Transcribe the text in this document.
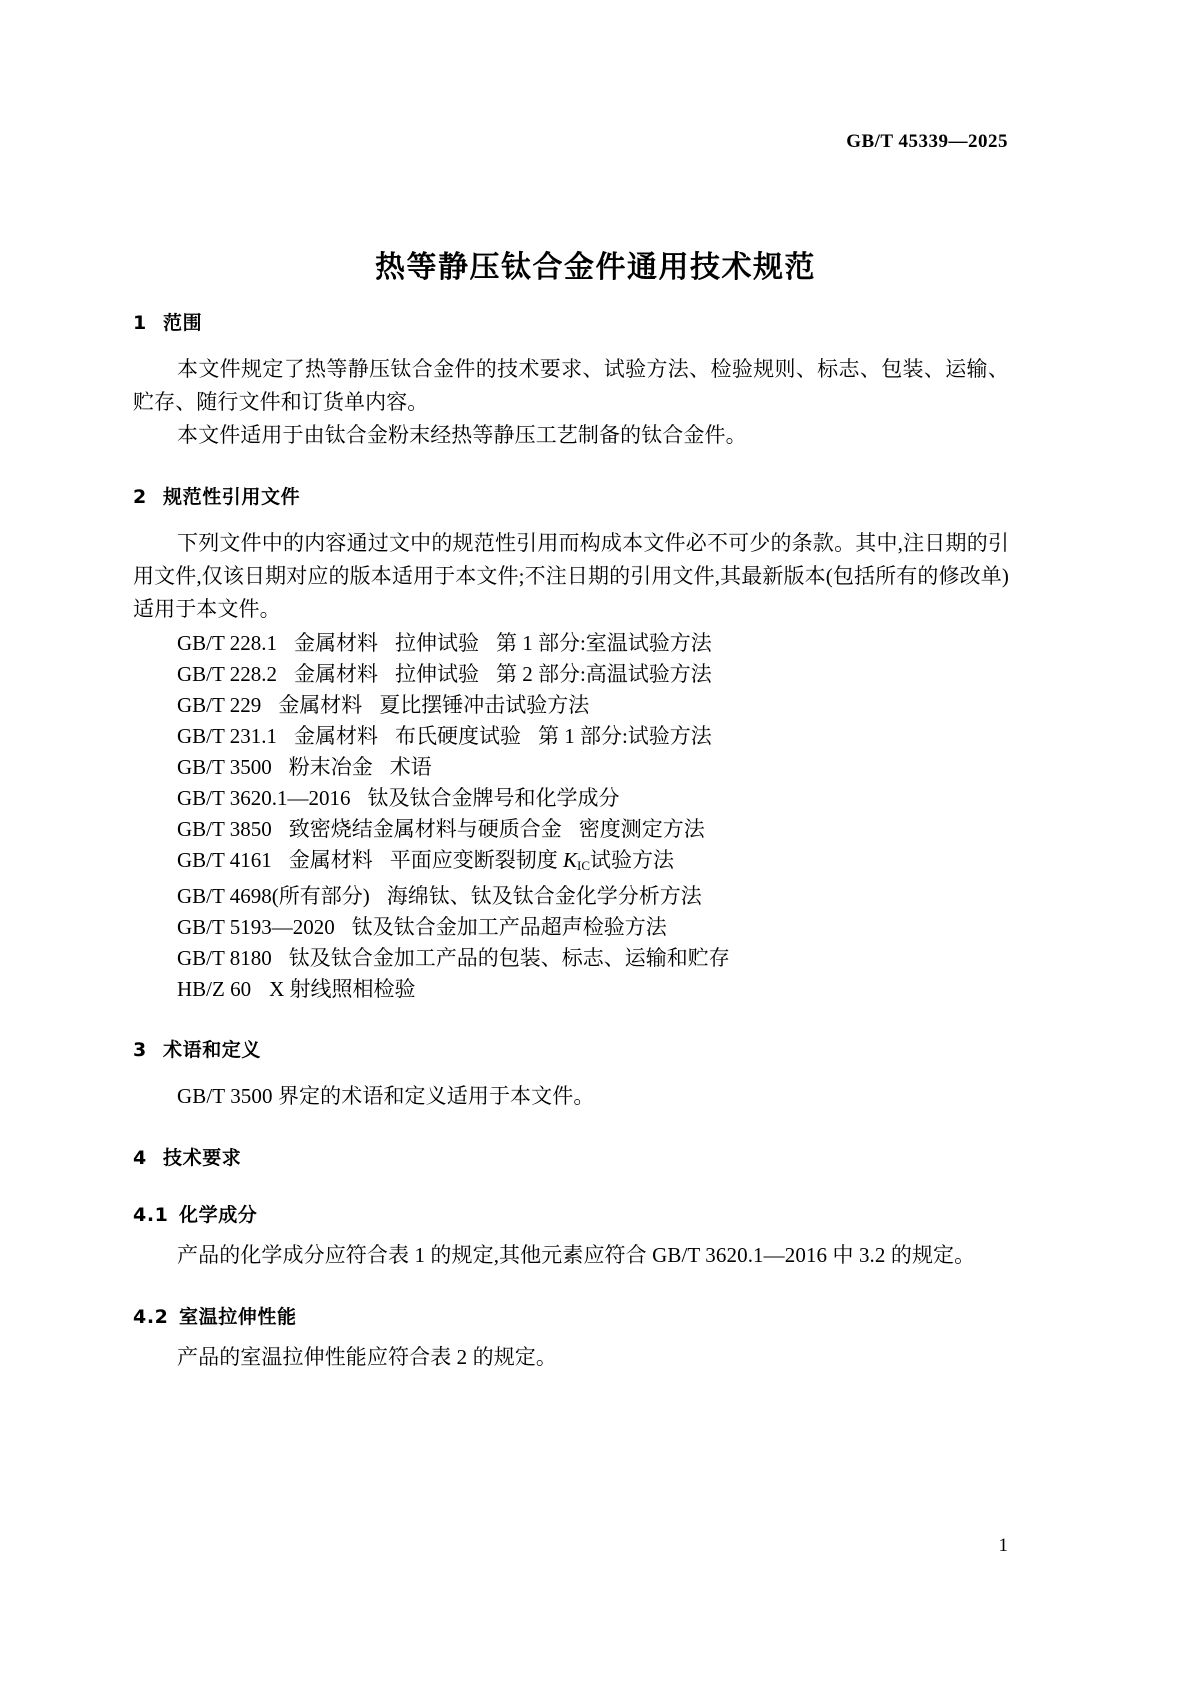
GB/T 45339—2025
热等静压钛合金件通用技术规范
1 范围

本文件规定了热等静压钛合金件的技术要求、试验方法、检验规则、标志、包装、运输、贮存、随行文件和订货单内容。

本文件适用于由钛合金粉末经热等静压工艺制备的钛合金件。

2 规范性引用文件

下列文件中的内容通过文中的规范性引用而构成本文件必不可少的条款。其中,注日期的引用文件,仅该日期对应的版本适用于本文件;不注日期的引用文件,其最新版本(包括所有的修改单)适用于本文件。

GB/T 228.1 金属材料 拉伸试验 第 1 部分:室温试验方法
GB/T 228.2 金属材料 拉伸试验 第 2 部分:高温试验方法
GB/T 229 金属材料 夏比摆锤冲击试验方法
GB/T 231.1 金属材料 布氏硬度试验 第 1 部分:试验方法
GB/T 3500 粉末冶金 术语
GB/T 3620.1—2016 钛及钛合金牌号和化学成分
GB/T 3850 致密烧结金属材料与硬质合金 密度测定方法
GB/T 4161 金属材料 平面应变断裂韧度 $K_{IC}$试验方法
GB/T 4698(所有部分) 海绵钛、钛及钛合金化学分析方法
GB/T 5193—2020 钛及钛合金加工产品超声检验方法
GB/T 8180 钛及钛合金加工产品的包装、标志、运输和贮存
HB/Z 60 X 射线照相检验
3 术语和定义

GB/T 3500 界定的术语和定义适用于本文件。

4 技术要求
4.1 化学成分

产品的化学成分应符合表 1 的规定,其他元素应符合 GB/T 3620.1—2016 中 3.2 的规定。

4.2 室温拉伸性能

产品的室温拉伸性能应符合表 2 的规定。

1
